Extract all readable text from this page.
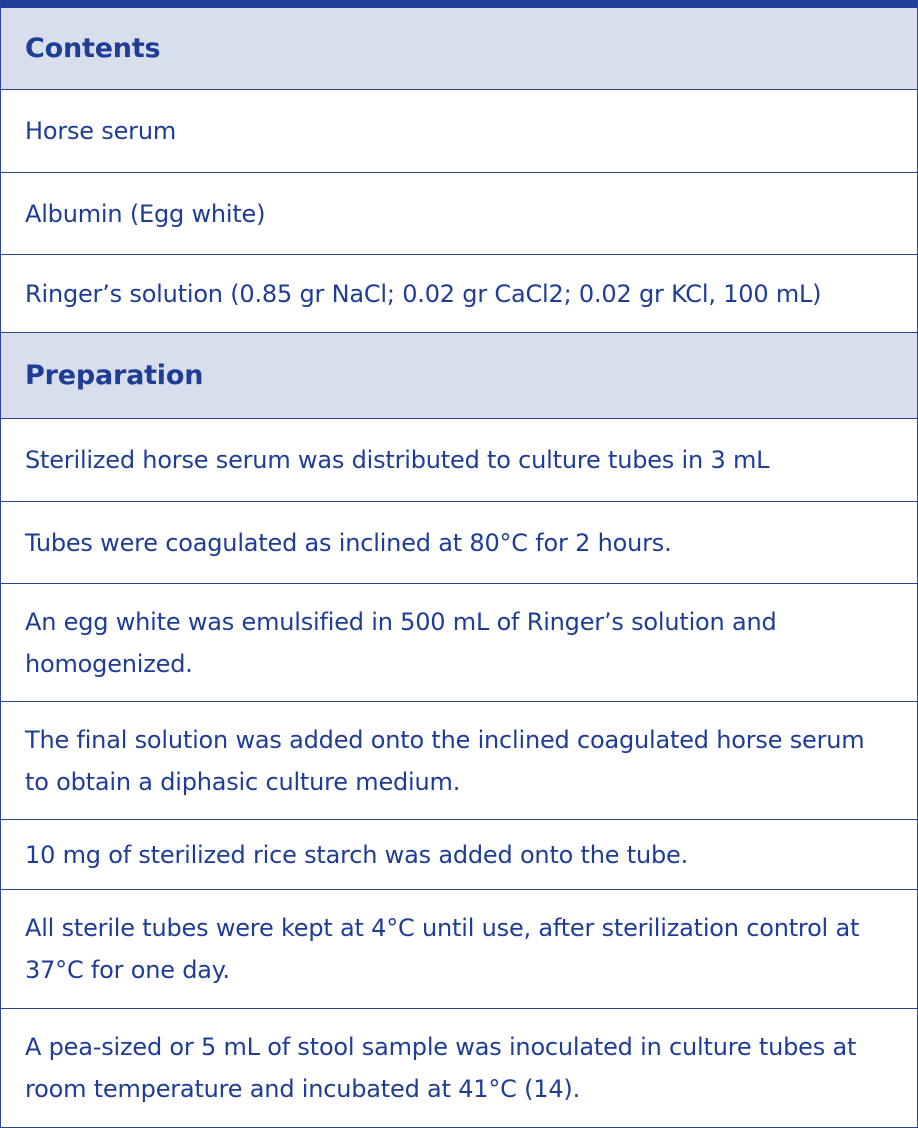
Contents
Horse serum
Albumin (Egg white)
Ringer’s solution (0.85 gr NaCl; 0.02 gr CaCl2; 0.02 gr KCl, 100 mL)
Preparation
Sterilized horse serum was distributed to culture tubes in 3 mL
Tubes were coagulated as inclined at 80°C for 2 hours.
An egg white was emulsified in 500 mL of Ringer’s solution and homogenized.
The final solution was added onto the inclined coagulated horse serum to obtain a diphasic culture medium.
10 mg of sterilized rice starch was added onto the tube.
All sterile tubes were kept at 4°C until use, after sterilization control at 37°C for one day.
A pea-sized or 5 mL of stool sample was inoculated in culture tubes at room temperature and incubated at 41°C (14).
